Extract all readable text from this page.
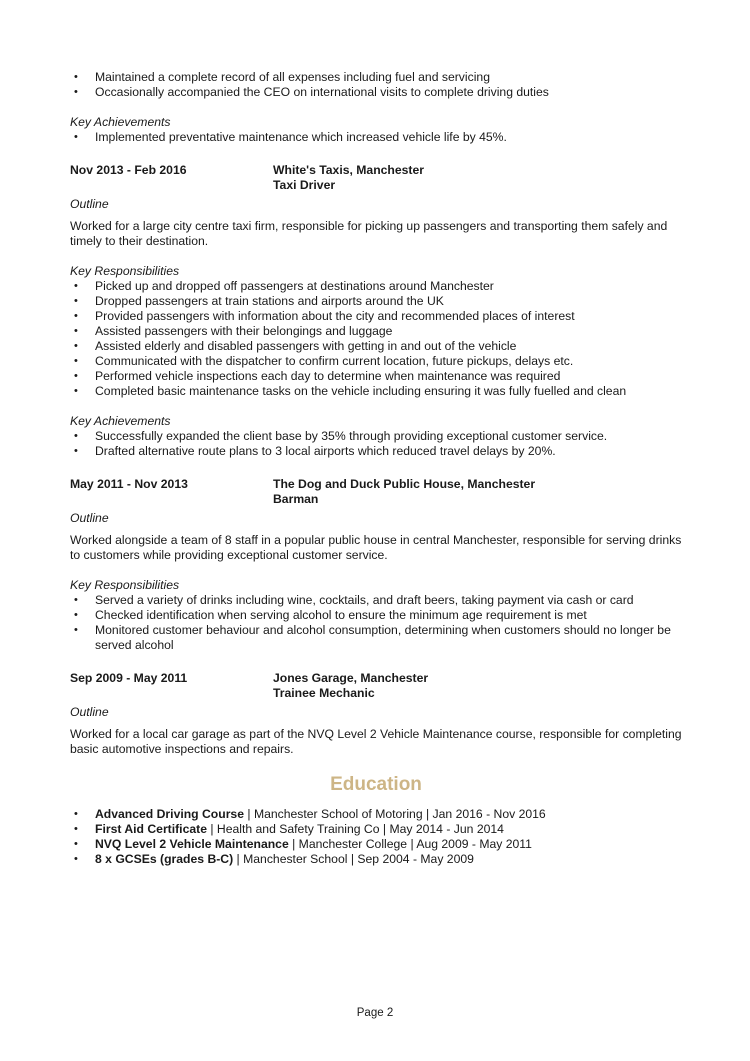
• Maintained a complete record of all expenses including fuel and servicing
• Occasionally accompanied the CEO on international visits to complete driving duties
Key Achievements
• Implemented preventative maintenance which increased vehicle life by 45%.
Nov 2013 - Feb 2016	White's Taxis, Manchester
Taxi Driver
Outline

Worked for a large city centre taxi firm, responsible for picking up passengers and transporting them safely and timely to their destination.

Key Responsibilities
• Picked up and dropped off passengers at destinations around Manchester
• Dropped passengers at train stations and airports around the UK
• Provided passengers with information about the city and recommended places of interest
• Assisted passengers with their belongings and luggage
• Assisted elderly and disabled passengers with getting in and out of the vehicle
• Communicated with the dispatcher to confirm current location, future pickups, delays etc.
• Performed vehicle inspections each day to determine when maintenance was required
• Completed basic maintenance tasks on the vehicle including ensuring it was fully fuelled and clean
Key Achievements
• Successfully expanded the client base by 35% through providing exceptional customer service.
• Drafted alternative route plans to 3 local airports which reduced travel delays by 20%.
May 2011 - Nov 2013	The Dog and Duck Public House, Manchester
Barman
Outline

Worked alongside a team of 8 staff in a popular public house in central Manchester, responsible for serving drinks to customers while providing exceptional customer service.

Key Responsibilities
• Served a variety of drinks including wine, cocktails, and draft beers, taking payment via cash or card
• Checked identification when serving alcohol to ensure the minimum age requirement is met
• Monitored customer behaviour and alcohol consumption, determining when customers should no longer be served alcohol
Sep 2009 - May 2011	Jones Garage, Manchester
Trainee Mechanic
Outline

Worked for a local car garage as part of the NVQ Level 2 Vehicle Maintenance course, responsible for completing basic automotive inspections and repairs.

Education
• Advanced Driving Course | Manchester School of Motoring | Jan 2016 - Nov 2016
• First Aid Certificate | Health and Safety Training Co | May 2014 - Jun 2014
• NVQ Level 2 Vehicle Maintenance | Manchester College | Aug 2009 - May 2011
• 8 x GCSEs (grades B-C) | Manchester School | Sep 2004 - May 2009
Page 2
